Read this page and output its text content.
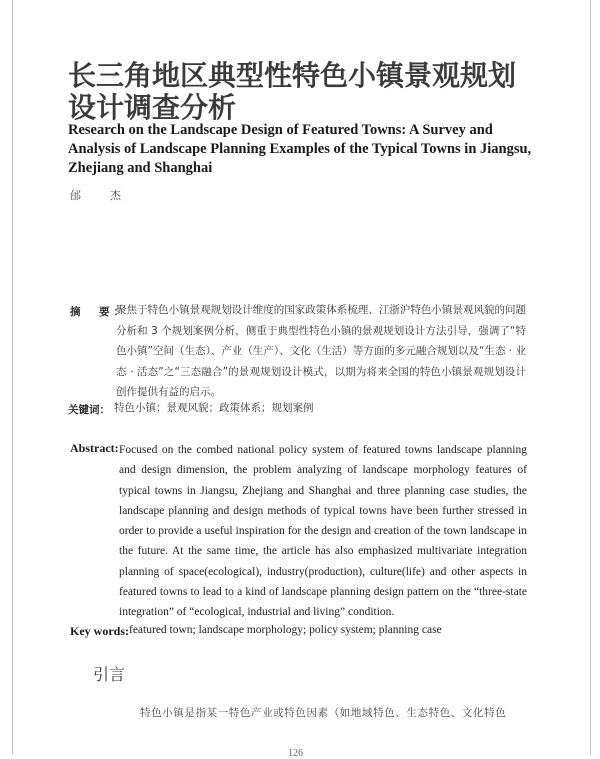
长三角地区典型性特色小镇景观规划设计调查分析
Research on the Landscape Design of Featured Towns: A Survey and Analysis of Landscape Planning Examples of the Typical Towns in Jiangsu, Zhejiang and Shanghai
邰　杰
摘　要：

聚焦于特色小镇景观规划设计维度的国家政策体系梳理、江浙沪特色小镇景观风貌的问题分析和 3 个规划案例分析，侧重于典型性特色小镇的景观规划设计方法引导，强调了“特色小镇”空间（生态）、产业（生产）、文化（生活）等方面的多元融合规划以及“生态 · 业态 · 活态”之“三态融合”的景观规划设计模式，以期为将来全国的特色小镇景观规划设计创作提供有益的启示。

关键词： 特色小镇；景观风貌；政策体系；规划案例
Abstract: Focused on the combed national policy system of featured towns landscape planning and design dimension, the problem analyzing of landscape morphology features of typical towns in Jiangsu, Zhejiang and Shanghai and three planning case studies, the landscape planning and design methods of typical towns have been further stressed in order to provide a useful inspiration for the design and creation of the town landscape in the future. At the same time, the article has also emphasized multivariate integration planning of space(ecological), industry(production), culture(life) and other aspects in featured towns to lead to a kind of landscape planning design pattern on the “three-state integration” of “ecological, industrial and living” condition.

Key words: featured town; landscape morphology; policy system; planning case
引言
特色小镇是指某一特色产业或特色因素（如地域特色、生态特色、文化特色
126
